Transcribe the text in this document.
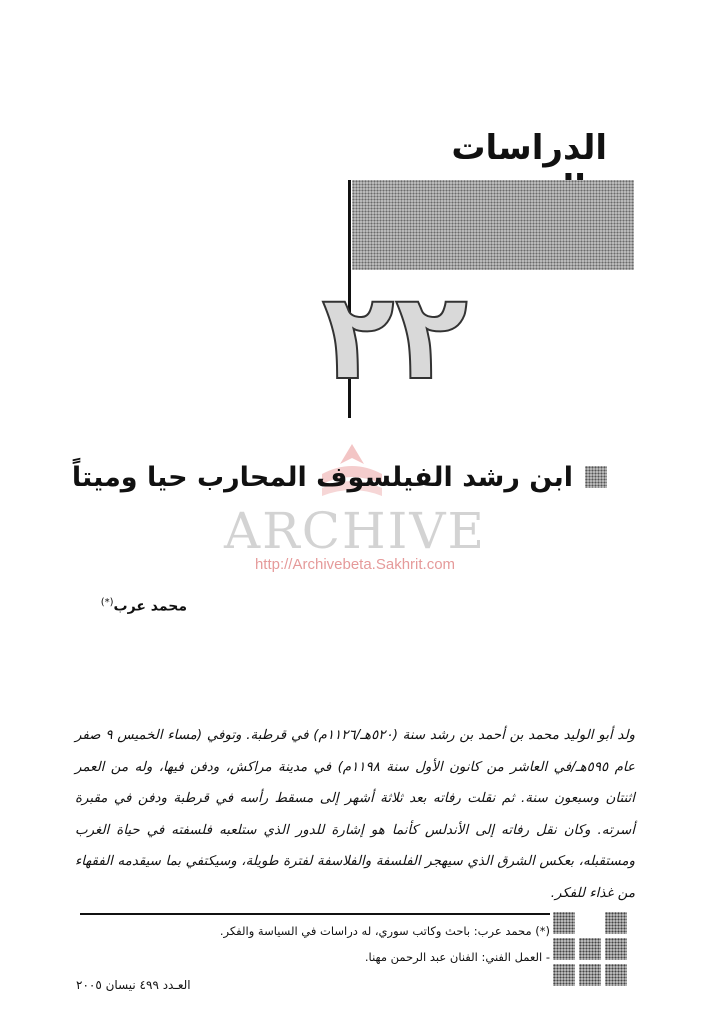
الدراسات
٢٢
ابن رشد الفيلسوف المحارب حيا وميتاً
ARCHIVE
http://Archivebeta.Sakhrit.com
محمد عرب(*)

ولد أبو الوليد محمد بن أحمد بن رشد سنة (٥٢٠هـ/١١٢٦م) في قرطبة. وتوفي (مساء الخميس ٩ صفر عام ٥٩٥هـ/في العاشر من كانون الأول سنة ١١٩٨م) في مدينة مراكش، ودفن فيها، وله من العمر اثنتان وسبعون سنة. ثم نقلت رفاته بعد ثلاثة أشهر إلى مسقط رأسه في قرطبة ودفن في مقبرة أسرته. وكان نقل رفاته إلى الأندلس كأنما هو إشارة للدور الذي ستلعبه فلسفته في حياة الغرب ومستقبله، بعكس الشرق الذي سيهجر الفلسفة والفلاسفة لفترة طويلة، وسيكتفي بما سيقدمه الفقهاء من غذاء للفكر.

(*) محمد عرب: باحث وكاتب سوري، له دراسات في السياسة والفكر.
- العمل الفني: الفنان عبد الرحمن مهنا.
العـدد ٤٩٩ نيسان ٢٠٠٥
